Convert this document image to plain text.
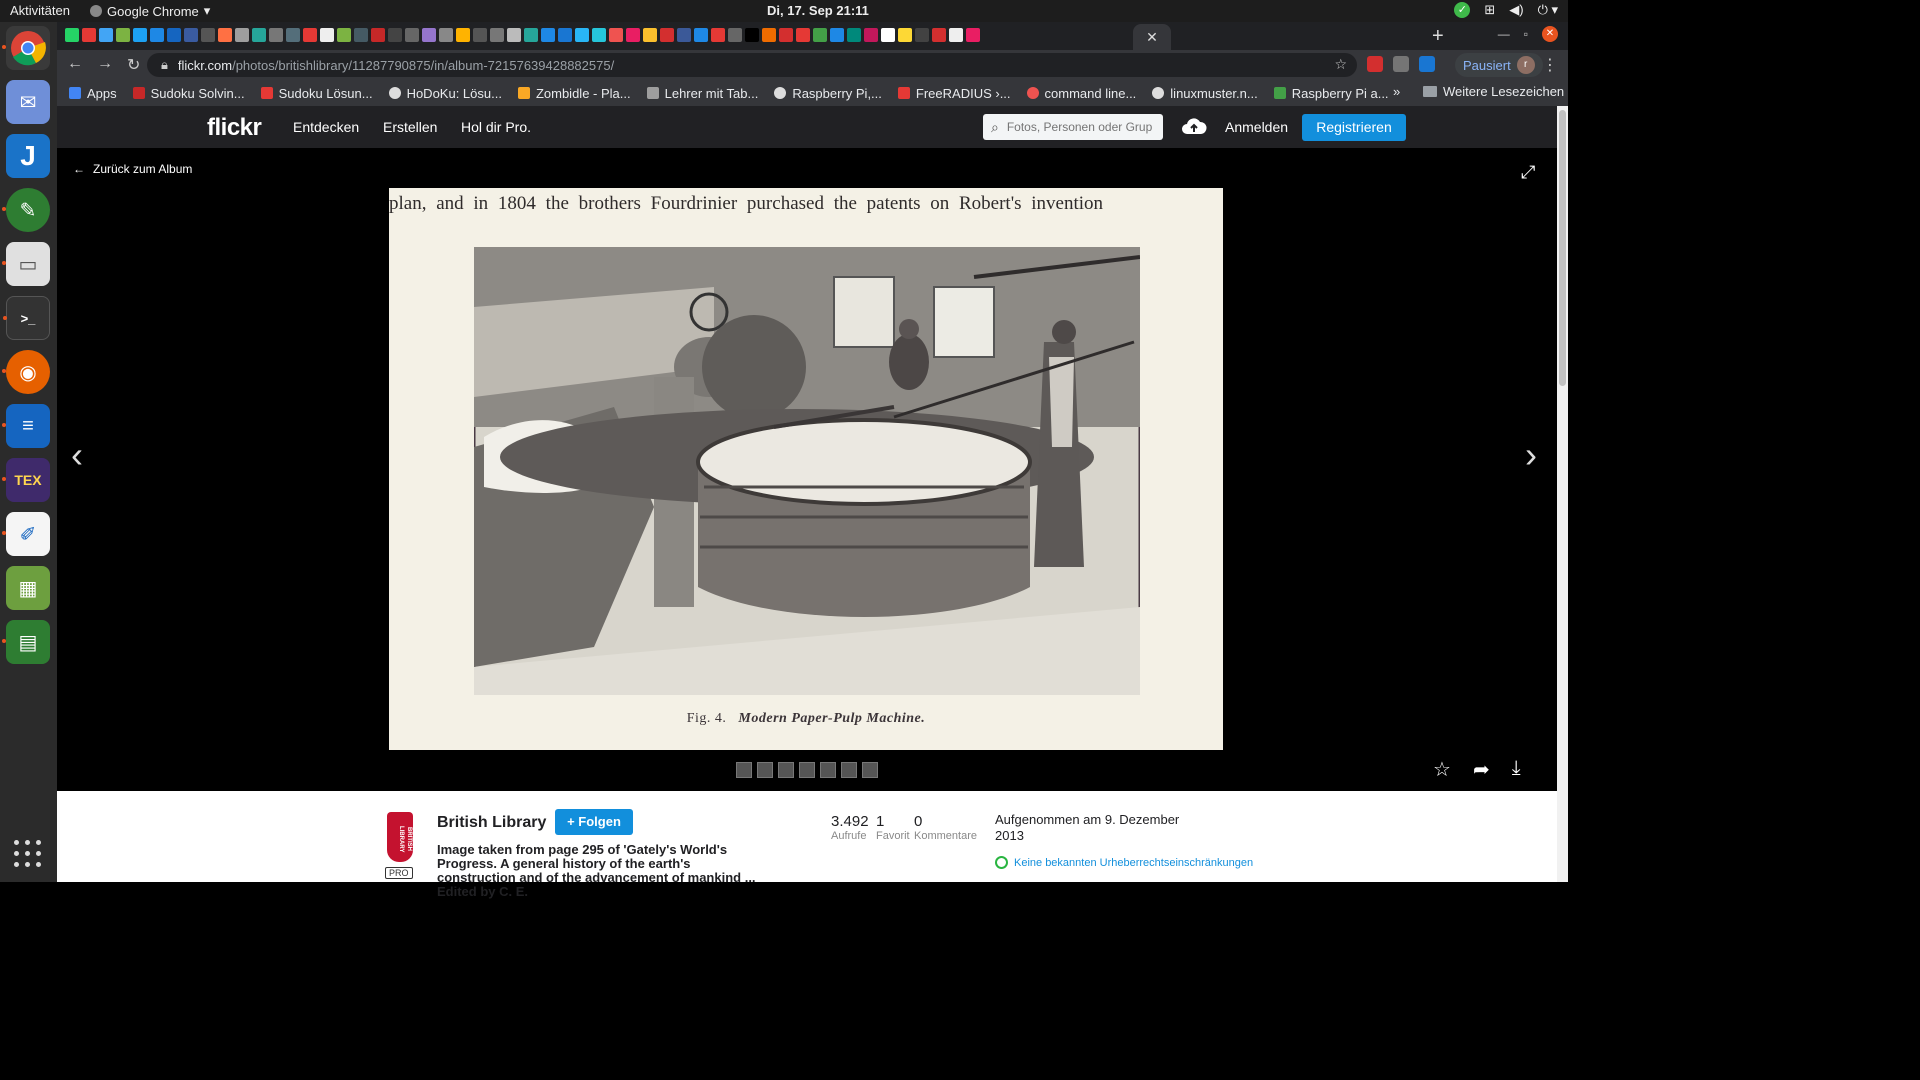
Aktivitäten	Google Chrome ▾	Di, 17. Sep 21:11	✓ ⊞ ◀) ⏻ ▾
✉
J
✎
▭
>_
◉
≡
TEX
✐
▦
▤
✕	+	— ▫	✕
← → ↻ 🔒︎ flickr.com/photos/britishlibrary/11287790875/in/album-72157639428882575/	☆	Pausiert	r ⋮
Apps	Sudoku Solvin...	Sudoku Lösun...	HoDoKu: Lösu...	Zombidle - Pla...	Lehrer mit Tab...	Raspberry Pi,...	FreeRADIUS ›...	command line...	linuxmuster.n...	Raspberry Pi a... »	Weitere Lesezeichen
flickr Entdecken Erstellen Hol dir Pro.	⌕
Fotos, Personen oder Gruppen	Anmelden	Registrieren
← Zurück zum Album	⤢
‹	›
plan, and in 1804 the brothers Fourdrinier purchased the patents on Robert's invention
Fig. 4. Modern Paper-Pulp Machine.
☆ ➦ ⤓
BRITISH LIBRARY
PRO
British Library	+ Folgen
Image taken from page 295 of 'Gately's World's Progress. A general history of the earth's construction and of the advancement of mankind ... Edited by C. E.
3.492
Aufrufe
1
Favorit
0
Kommentare
Aufgenommen am 9. Dezember 2013
Keine bekannten Urheberrechtseinschränkungen
